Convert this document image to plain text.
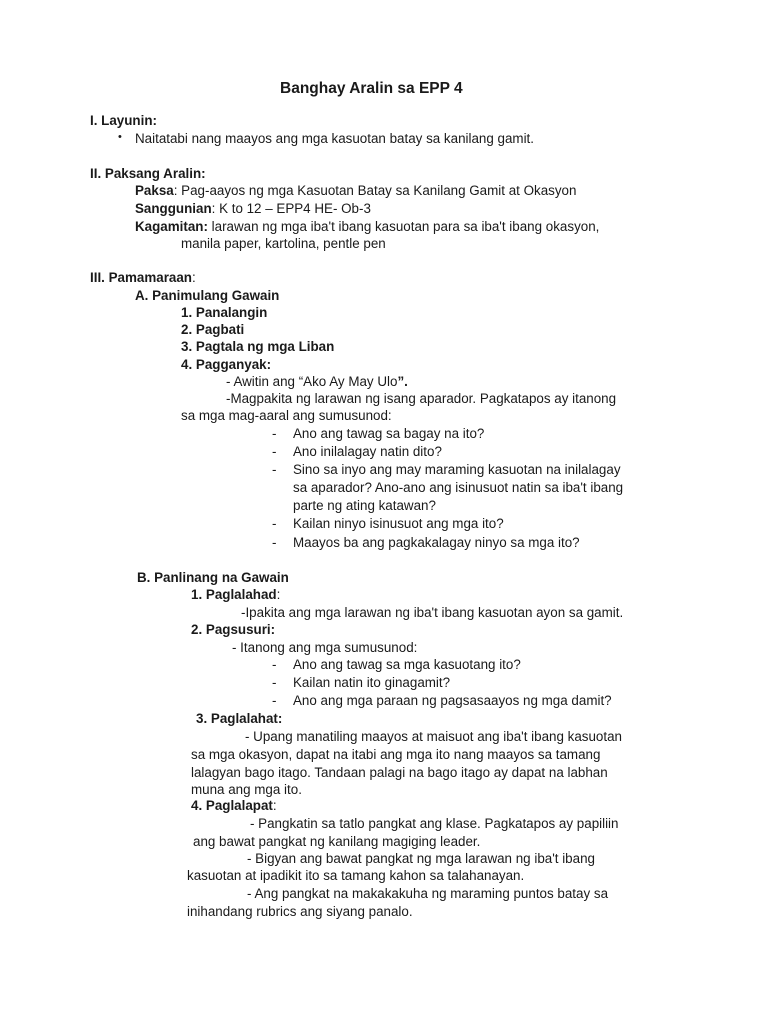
Banghay Aralin sa EPP 4
I. Layunin:
• Naitatabi nang maayos ang mga kasuotan batay sa kanilang gamit.
II. Paksang Aralin:
Paksa: Pag-aayos ng mga Kasuotan Batay sa Kanilang Gamit at Okasyon
Sanggunian: K to 12 – EPP4 HE- Ob-3
Kagamitan: larawan ng mga iba't ibang kasuotan para sa iba't ibang okasyon,
manila paper, kartolina, pentle pen
III. Pamamaraan:
A. Panimulang Gawain
1. Panalangin
2. Pagbati
3. Pagtala ng mga Liban
4. Pagganyak:
- Awitin ang “Ako Ay May Ulo”.
-Magpakita ng larawan ng isang aparador. Pagkatapos ay itanong
sa mga mag-aaral ang sumusunod:
- Ano ang tawag sa bagay na ito?
- Ano inilalagay natin dito?
- Sino sa inyo ang may maraming kasuotan na inilalagay
sa aparador? Ano-ano ang isinusuot natin sa iba't ibang
parte ng ating katawan?
- Kailan ninyo isinusuot ang mga ito?
- Maayos ba ang pagkakalagay ninyo sa mga ito?
B. Panlinang na Gawain
1. Paglalahad:
-Ipakita ang mga larawan ng iba't ibang kasuotan ayon sa gamit.
2. Pagsusuri:
- Itanong ang mga sumusunod:
- Ano ang tawag sa mga kasuotang ito?
- Kailan natin ito ginagamit?
- Ano ang mga paraan ng pagsasaayos ng mga damit?
3. Paglalahat:
- Upang manatiling maayos at maisuot ang iba't ibang kasuotan
sa mga okasyon, dapat na itabi ang mga ito nang maayos sa tamang
lalagyan bago itago. Tandaan palagi na bago itago ay dapat na labhan
muna ang mga ito.
4. Paglalapat:
- Pangkatin sa tatlo pangkat ang klase. Pagkatapos ay papiliin
ang bawat pangkat ng kanilang magiging leader.
- Bigyan ang bawat pangkat ng mga larawan ng iba't ibang
kasuotan at ipadikit ito sa tamang kahon sa talahanayan.
- Ang pangkat na makakakuha ng maraming puntos batay sa
inihandang rubrics ang siyang panalo.
